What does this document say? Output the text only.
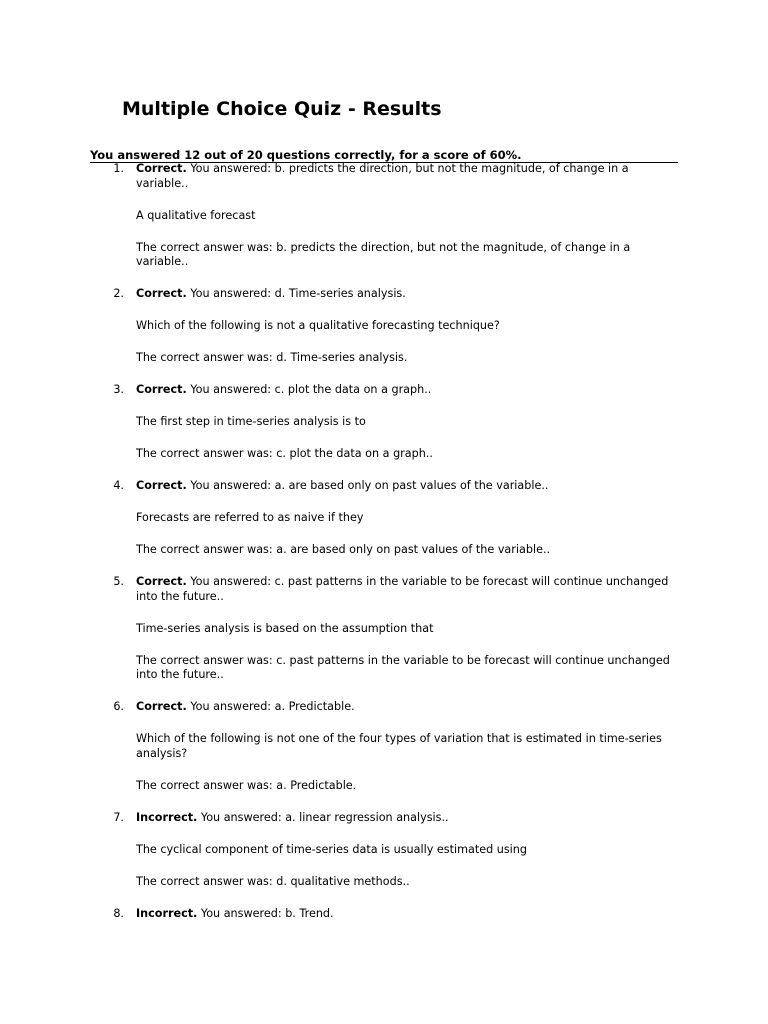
Multiple Choice Quiz - Results
You answered 12 out of 20 questions correctly, for a score of 60%.
1. Correct. You answered: b. predicts the direction, but not the magnitude, of change in a variable..
A qualitative forecast
The correct answer was: b. predicts the direction, but not the magnitude, of change in a variable..
2. Correct. You answered: d. Time-series analysis.
Which of the following is not a qualitative forecasting technique?
The correct answer was: d. Time-series analysis.
3. Correct. You answered: c. plot the data on a graph..
The first step in time-series analysis is to
The correct answer was: c. plot the data on a graph..
4. Correct. You answered: a. are based only on past values of the variable..
Forecasts are referred to as naive if they
The correct answer was: a. are based only on past values of the variable..
5. Correct. You answered: c. past patterns in the variable to be forecast will continue unchanged into the future..
Time-series analysis is based on the assumption that
The correct answer was: c. past patterns in the variable to be forecast will continue unchanged into the future..
6. Correct. You answered: a. Predictable.
Which of the following is not one of the four types of variation that is estimated in time-series analysis?
The correct answer was: a. Predictable.
7. Incorrect. You answered: a. linear regression analysis..
The cyclical component of time-series data is usually estimated using
The correct answer was: d. qualitative methods..
8. Incorrect. You answered: b. Trend.
